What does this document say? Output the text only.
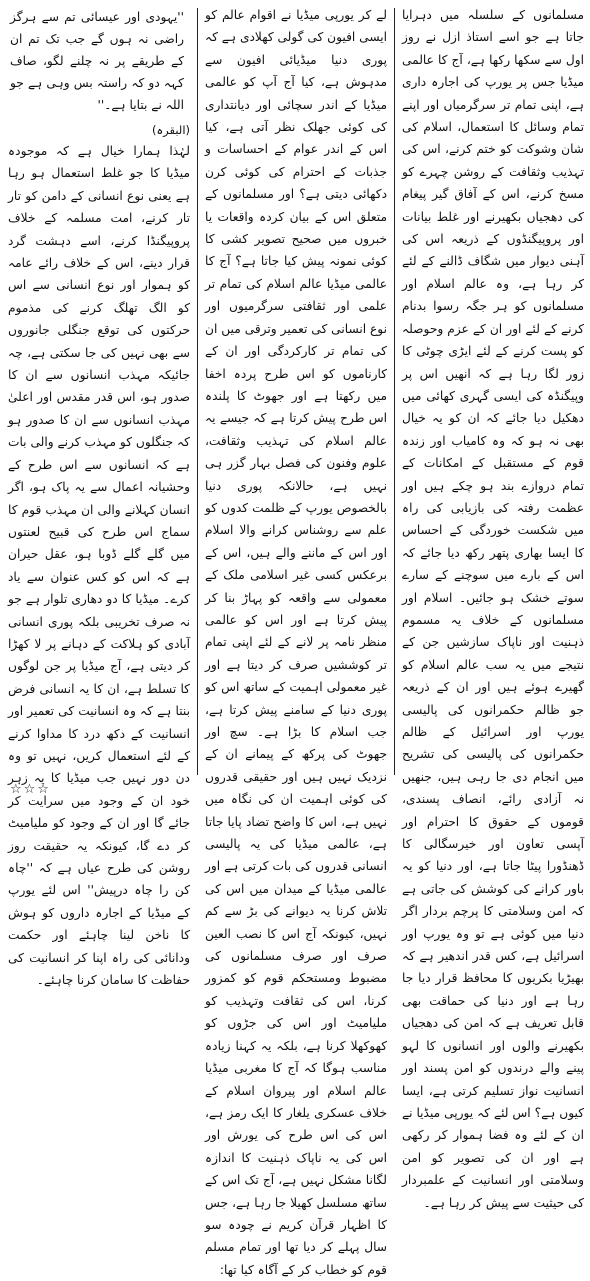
مسلمانوں کے سلسلہ میں دہرایا جاتا ہے جو اسے استاذ ازل نے روز اول سے سکھا رکھا ہے، آج کا عالمی میڈیا جس پر یورپ کی اجارہ داری ہے، اپنی تمام تر سرگرمیاں اور اپنے تمام وسائل کا استعمال، اسلام کی شان وشوکت کو ختم کرنے، اس کی تہذیب وثقافت کے روشن چہرے کو مسخ کرنے، اس کے آفاق گیر پیغام کی دھجیاں بکھیرنے اور غلط بیانات اور پروپیگنڈوں کے ذریعہ اس کی آہنی دیوار میں شگاف ڈالنے کے لئے کر رہا ہے، وہ عالم اسلام اور مسلمانوں کو ہر جگہ رسوا بدنام کرنے کے لئے اور ان کے عزم وحوصلہ کو پست کرنے کے لئے ایڑی چوٹی کا زور لگا رہا ہے کہ انھیں اس پر وپیگنڈہ کی ایسی گہری کھائی میں دھکیل دیا جائے کہ ان کو یہ خیال بھی نہ ہو کہ وہ کامیاب اور زندہ قوم کے مستقبل کے امکانات کے تمام دروازے بند ہو چکے ہیں اور عظمت رفتہ کی بازیابی کی راہ میں شکست خوردگی کے احساس کا ایسا بھاری پتھر رکھ دیا جائے کہ اس کے بارے میں سوچنے کے سارے سوتے خشک ہو جائیں۔ اسلام اور مسلمانوں کے خلاف یہ مسموم ذہنیت اور ناپاک سازشیں جن کے نتیجے میں یہ سب عالم اسلام کو گھیرے ہوئے ہیں اور ان کے ذریعہ جو ظالم حکمرانوں کی پالیسی یورپ اور اسرائیل کے ظالم حکمرانوں کی پالیسی کی تشریح میں انجام دی جا رہی ہیں، جنھیں نہ آزادی رائے، انصاف پسندی، قوموں کے حقوق کا احترام اور آپسی تعاون اور خیرسگالی کا ڈھنڈورا پیٹا جاتا ہے، اور دنیا کو یہ باور کرانے کی کوشش کی جاتی ہے کہ امن وسلامتی کا پرچم بردار اگر دنیا میں کوئی ہے تو وہ یورپ اور اسرائیل ہے، کس قدر اندھیر ہے کہ بھیڑیا بکریوں کا محافظ قرار دیا جا رہا ہے اور دنیا کی حماقت بھی قابل تعریف ہے کہ امن کی دھجیاں بکھیرنے والوں اور انسانوں کا لہو پینے والے درندوں کو امن پسند اور انسانیت نواز تسلیم کرتی ہے، ایسا کیوں ہے؟ اس لئے کہ یورپی میڈیا نے ان کے لئے وہ فضا ہموار کر رکھی ہے اور ان کی تصویر کو امن وسلامتی اور انسانیت کے علمبردار کی حیثیت سے پیش کر رہا ہے۔

لے کر یورپی میڈیا نے اقوام عالم کو ایسی افیون کی گولی کھلادی ہے کہ پوری دنیا میڈیائی افیون سے مدہوش ہے، کیا آج آپ کو عالمی میڈیا کے اندر سچائی اور دیانتداری کی کوئی جھلک نظر آتی ہے، کیا اس کے اندر عوام کے احساسات و جذبات کے احترام کی کوئی کرن دکھائی دیتی ہے؟ اور مسلمانوں کے متعلق اس کے بیان کردہ واقعات یا خبروں میں صحیح تصویر کشی کا کوئی نمونہ پیش کیا جاتا ہے؟ آج کا عالمی میڈیا عالم اسلام کی تمام تر علمی اور ثقافتی سرگرمیوں اور نوع انسانی کی تعمیر وترقی میں ان کی تمام تر کارکردگی اور ان کے کارناموں کو اس طرح پردہ اخفا میں رکھتا ہے اور جھوٹ کا پلندہ اس طرح پیش کرتا ہے کہ جیسے یہ عالم اسلام کی تہذیب وثقافت، علوم وفنون کی فصل بہار گزر ہی نہیں ہے، حالانکہ پوری دنیا بالخصوص یورپ کے ظلمت کدوں کو علم سے روشناس کرانے والا اسلام اور اس کے ماننے والے ہیں، اس کے برعکس کسی غیر اسلامی ملک کے معمولی سے واقعہ کو پہاڑ بنا کر پیش کرتا ہے اور اس کو عالمی منظر نامہ پر لانے کے لئے اپنی تمام تر کوششیں صرف کر دیتا ہے اور غیر معمولی اہمیت کے ساتھ اس کو پوری دنیا کے سامنے پیش کرتا ہے، جب اسلام کا بڑا ہے۔ سچ اور جھوٹ کی پرکھ کے پیمانے ان کے نزدیک نہیں ہیں اور حقیقی قدروں کی کوئی اہمیت ان کی نگاہ میں نہیں ہے، اس کا واضح تضاد پایا جاتا ہے، عالمی میڈیا کی یہ پالیسی انسانی قدروں کی بات کرتی ہے اور عالمی میڈیا کے میدان میں اس کی تلاش کرنا یہ دیوانے کی بڑ سے کم نہیں، کیونکہ آج اس کا نصب العین صرف اور صرف مسلمانوں کی مضبوط ومستحکم قوم کو کمزور کرنا، اس کی ثقافت وتہذیب کو ملیامیٹ اور اس کی جڑوں کو کھوکھلا کرنا ہے، بلکہ یہ کہنا زیادہ مناسب ہوگا کہ آج کا مغربی میڈیا عالم اسلام اور پیروان اسلام کے خلاف عسکری یلغار کا ایک رمز ہے، اس کی اس طرح کی یورش اور اس کی یہ ناپاک ذہنیت کا اندازہ لگانا مشکل نہیں ہے، آج تک اس کے ساتھ مسلسل کھیلا جا رہا ہے، جس کا اظہار قرآن کریم نے چودہ سو سال پہلے کر دیا تھا اور تمام مسلم قوم کو خطاب کر کے آگاہ کیا تھا:

''یہودی اور عیسائی تم سے ہرگز راضی نہ ہوں گے جب تک تم ان کے طریقے پر نہ چلنے لگو، صاف کہہ دو کہ راستہ بس وہی ہے جو اللہ نے بتایا ہے۔''
(البقرہ)

لہٰذا ہمارا خیال ہے کہ موجودہ میڈیا کا جو غلط استعمال ہو رہا ہے یعنی نوع انسانی کے دامن کو تار تار کرنے، امت مسلمہ کے خلاف پروپیگنڈا کرنے، اسے دہشت گرد قرار دینے، اس کے خلاف رائے عامہ کو ہموار اور نوع انسانی سے اس کو الگ تھلگ کرنے کی مذموم حرکتوں کی توقع جنگلی جانوروں سے بھی نہیں کی جا سکتی ہے، چہ جائیکہ مہذب انسانوں سے ان کا صدور ہو، اس قدر مقدس اور اعلیٰ مہذب انسانوں سے ان کا صدور ہو کہ جنگلوں کو مہذب کرنے والی بات ہے کہ انسانوں سے اس طرح کے وحشیانہ اعمال سے یہ پاک ہو، اگر انسان کہلانے والی ان مہذب قوم کا سماج اس طرح کی قبیح لعنتوں میں گلے گلے ڈوبا ہو، عقل حیران ہے کہ اس کو کس عنوان سے یاد کرے۔ میڈیا کا دو دھاری تلوار ہے جو نہ صرف تخریبی بلکہ پوری انسانی آبادی کو ہلاکت کے دہانے پر لا کھڑا کر دیتی ہے، آج میڈیا پر جن لوگوں کا تسلط ہے، ان کا یہ انسانی فرض بنتا ہے کہ وہ انسانیت کی تعمیر اور انسانیت کے دکھ درد کا مداوا کرنے کے لئے استعمال کریں، نہیں تو وہ دن دور نہیں جب میڈیا کا یہ زہر خود ان کے وجود میں سرایت کر جائے گا اور ان کے وجود کو ملیامیٹ کر دے گا، کیونکہ یہ حقیقت روز روشن کی طرح عیاں ہے کہ ''چاہ کن را چاہ درپیش'' اس لئے یورپ کے میڈیا کے اجارہ داروں کو ہوش کا ناخن لینا چاہئے اور حکمت ودانائی کی راہ اپنا کر انسانیت کی حفاظت کا سامان کرنا چاہئے۔

☆☆☆
